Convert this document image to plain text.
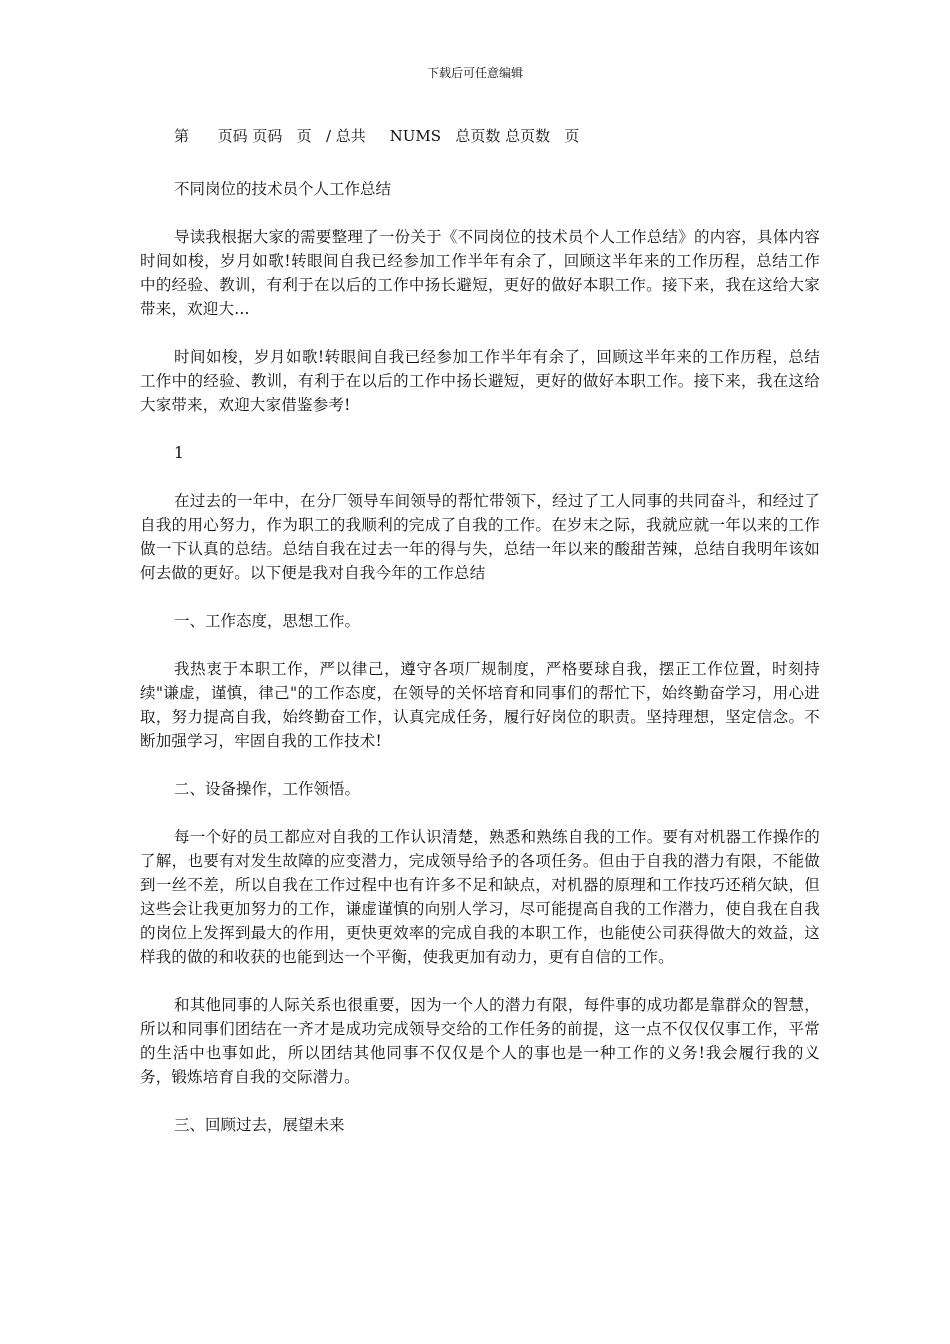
下载后可任意编辑
第      页码 页码   页   / 总共     NUMS   总页数 总页数   页

不同岗位的技术员个人工作总结

导读我根据大家的需要整理了一份关于《不同岗位的技术员个人工作总结》的内容，具体内容时间如梭，岁月如歌!转眼间自我已经参加工作半年有余了，回顾这半年来的工作历程，总结工作中的经验、教训，有利于在以后的工作中扬长避短，更好的做好本职工作。接下来，我在这给大家带来，欢迎大...

时间如梭，岁月如歌!转眼间自我已经参加工作半年有余了，回顾这半年来的工作历程，总结工作中的经验、教训，有利于在以后的工作中扬长避短，更好的做好本职工作。接下来，我在这给大家带来，欢迎大家借鉴参考!

1

在过去的一年中，在分厂领导车间领导的帮忙带领下，经过了工人同事的共同奋斗，和经过了自我的用心努力，作为职工的我顺利的完成了自我的工作。在岁末之际，我就应就一年以来的工作做一下认真的总结。总结自我在过去一年的得与失，总结一年以来的酸甜苦辣，总结自我明年该如何去做的更好。以下便是我对自我今年的工作总结

一、工作态度，思想工作。

我热衷于本职工作，严以律己，遵守各项厂规制度，严格要球自我，摆正工作位置，时刻持续"谦虚，谨慎，律己"的工作态度，在领导的关怀培育和同事们的帮忙下，始终勤奋学习，用心进取，努力提高自我，始终勤奋工作，认真完成任务，履行好岗位的职责。坚持理想，坚定信念。不断加强学习，牢固自我的工作技术!

二、设备操作，工作领悟。

每一个好的员工都应对自我的工作认识清楚，熟悉和熟练自我的工作。要有对机器工作操作的了解，也要有对发生故障的应变潜力，完成领导给予的各项任务。但由于自我的潜力有限，不能做到一丝不差，所以自我在工作过程中也有许多不足和缺点，对机器的原理和工作技巧还稍欠缺，但这些会让我更加努力的工作，谦虚谨慎的向别人学习，尽可能提高自我的工作潜力，使自我在自我的岗位上发挥到最大的作用，更快更效率的完成自我的本职工作，也能使公司获得做大的效益，这样我的做的和收获的也能到达一个平衡，使我更加有动力，更有自信的工作。

和其他同事的人际关系也很重要，因为一个人的潜力有限，每件事的成功都是靠群众的智慧，所以和同事们团结在一齐才是成功完成领导交给的工作任务的前提，这一点不仅仅仅事工作，平常的生活中也事如此，所以团结其他同事不仅仅是个人的事也是一种工作的义务!我会履行我的义务，锻炼培育自我的交际潜力。

三、回顾过去，展望未来
